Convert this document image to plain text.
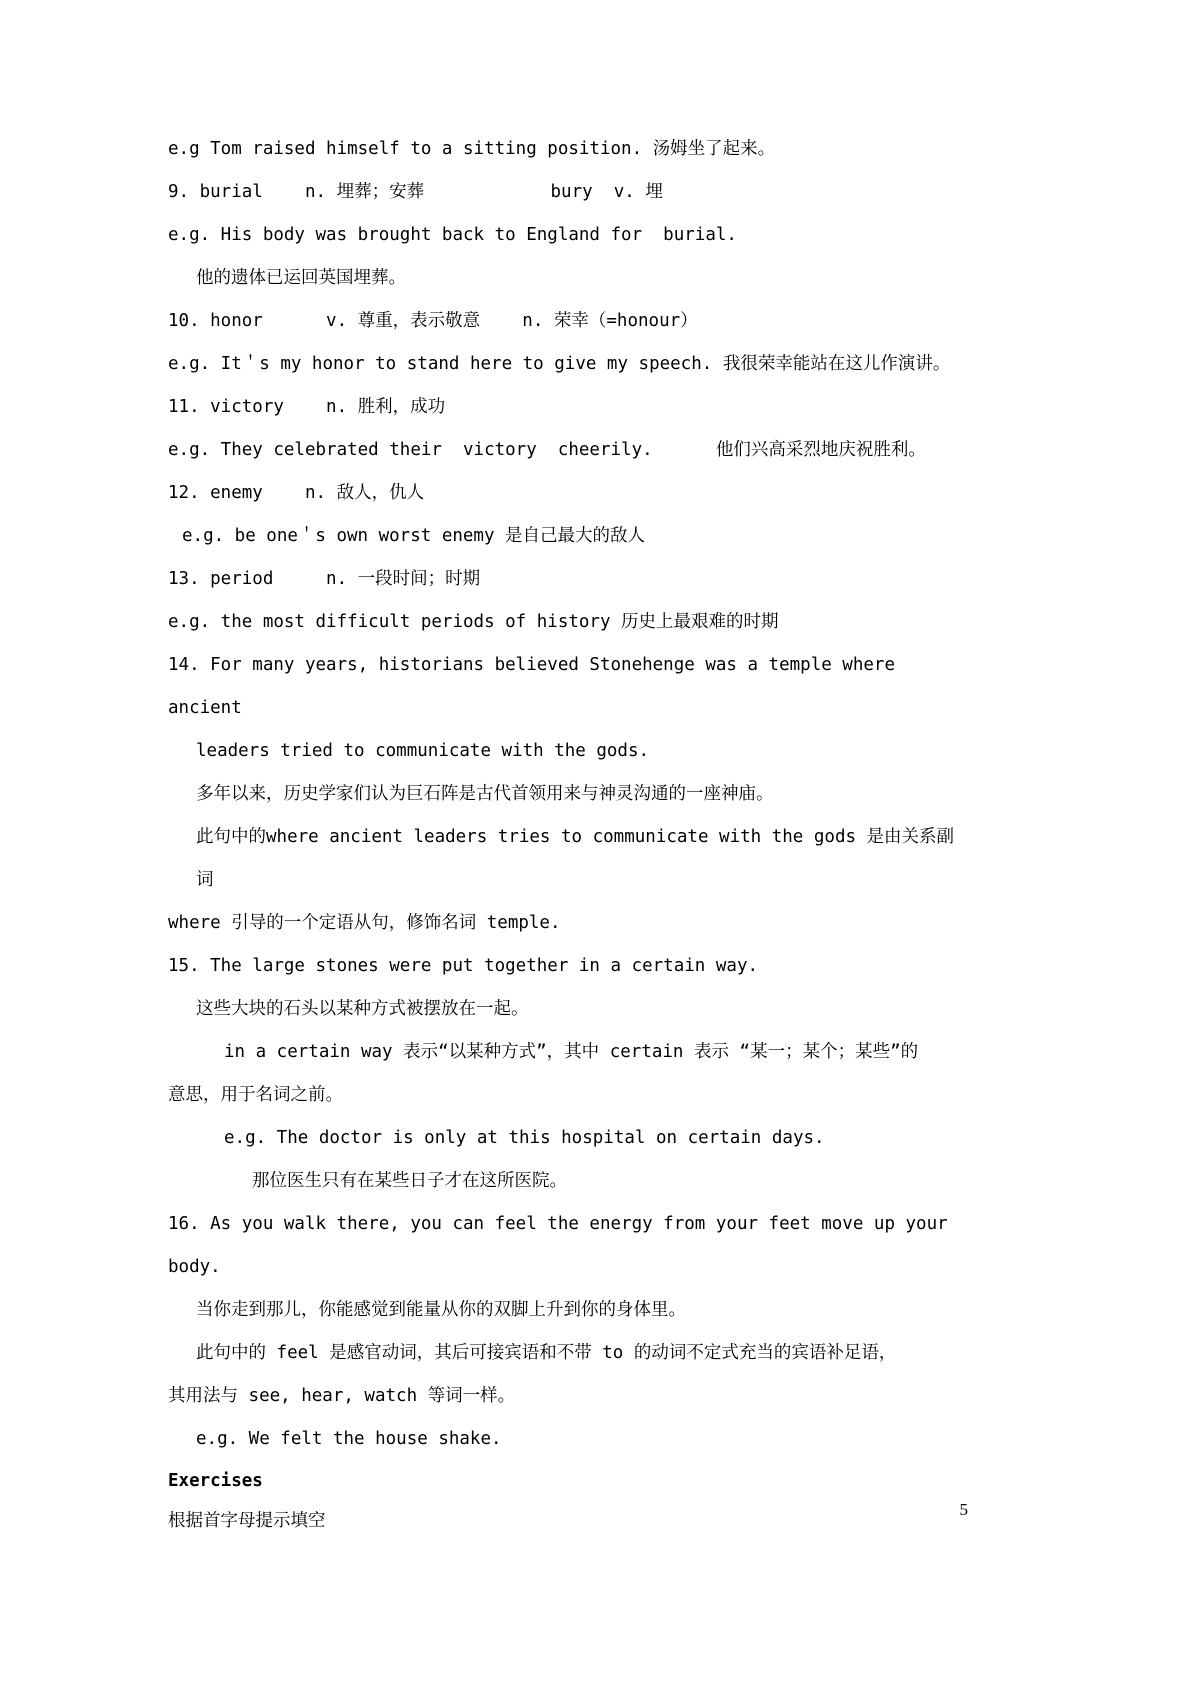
e.g Tom raised himself to a sitting position. 汤姆坐了起来。
9. burial    n. 埋葬；安葬            bury  v. 埋
e.g. His body was brought back to England for  burial.
他的遗体已运回英国埋葬。
10. honor      v. 尊重，表示敬意    n. 荣幸（=honour）
e.g. It＇s my honor to stand here to give my speech. 我很荣幸能站在这儿作演讲。
11. victory    n. 胜利，成功
e.g. They celebrated their  victory  cheerily.      他们兴高采烈地庆祝胜利。
12. enemy    n. 敌人，仇人
e.g. be one＇s own worst enemy 是自己最大的敌人
13. period     n. 一段时间；时期
e.g. the most difficult periods of history 历史上最艰难的时期
14. For many years, historians believed Stonehenge was a temple where ancient
leaders tried to communicate with the gods.
多年以来，历史学家们认为巨石阵是古代首领用来与神灵沟通的一座神庙。
此句中的where ancient leaders tries to communicate with the gods 是由关系副词
where 引导的一个定语从句，修饰名词 temple.
15. The large stones were put together in a certain way.
这些大块的石头以某种方式被摆放在一起。
in a certain way 表示“以某种方式”，其中 certain 表示 “某一；某个；某些”的
意思，用于名词之前。
e.g. The doctor is only at this hospital on certain days.
那位医生只有在某些日子才在这所医院。
16. As you walk there, you can feel the energy from your feet move up your body.
当你走到那儿，你能感觉到能量从你的双脚上升到你的身体里。
此句中的 feel 是感官动词，其后可接宾语和不带 to 的动词不定式充当的宾语补足语，
其用法与 see, hear, watch 等词一样。
e.g. We felt the house shake.
Exercises
根据首字母提示填空
5
